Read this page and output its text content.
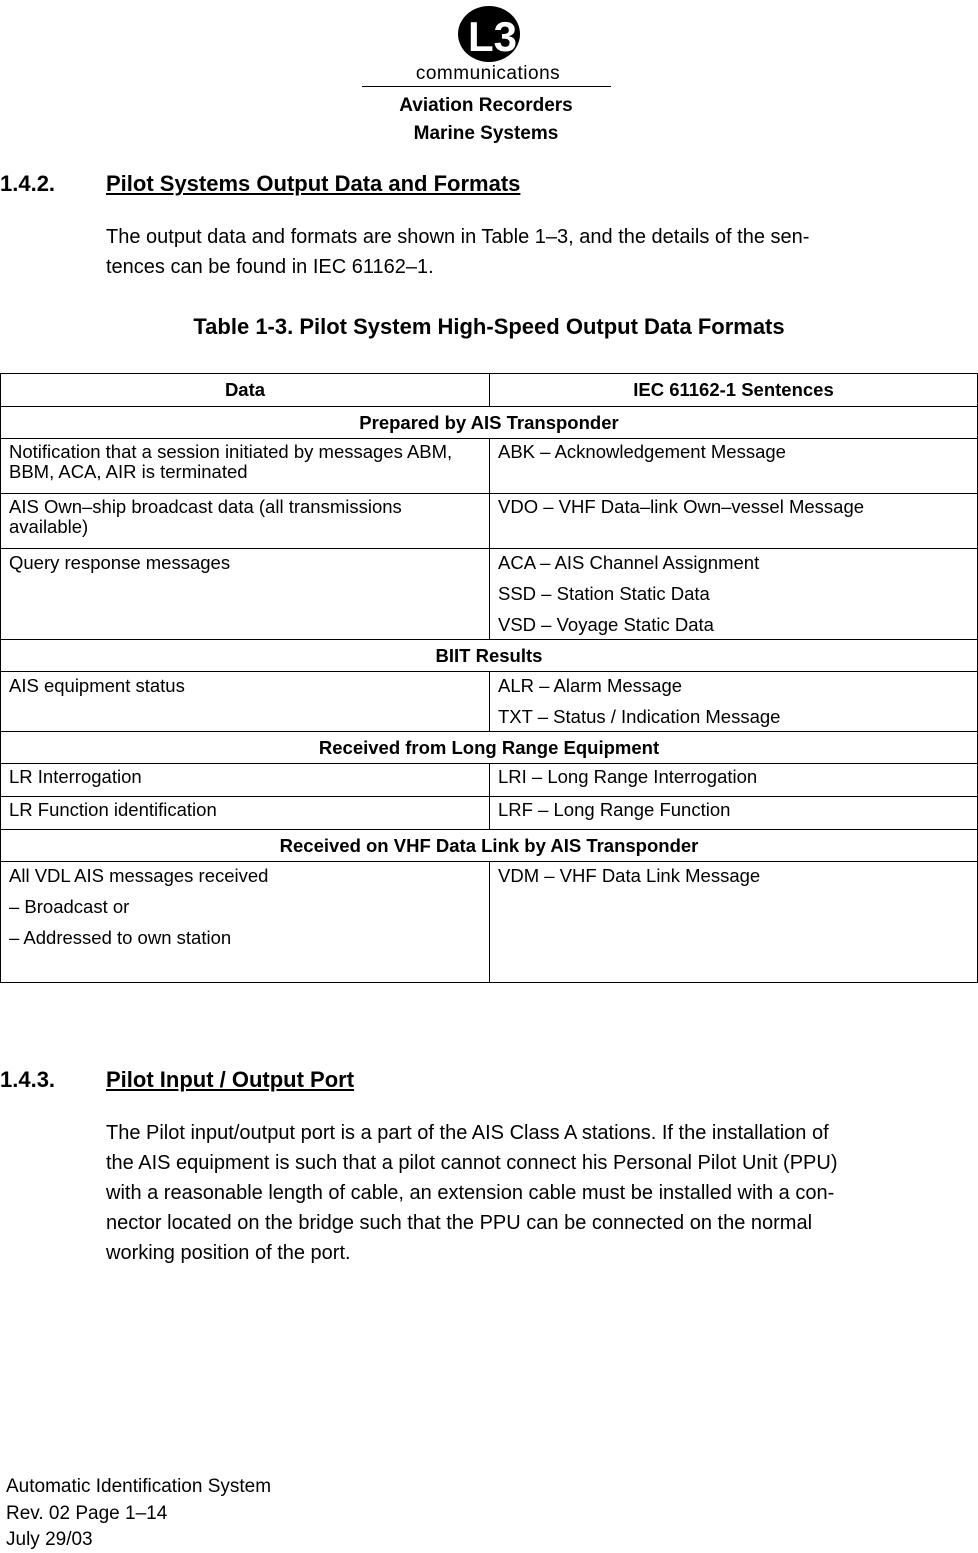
L3
communications
Aviation Recorders
Marine Systems
1.4.2. Pilot Systems Output Data and Formats
The output data and formats are shown in Table 1–3, and the details of the sen-
tences can be found in IEC 61162–1.
Table 1-3. Pilot System High-Speed Output Data Formats
Data	IEC 61162-1 Sentences
Prepared by AIS Transponder	
Notification that a session initiated by messages ABM, BBM, ACA, AIR is terminated	ABK – Acknowledgement Message
AIS Own–ship broadcast data (all transmissions available)	VDO – VHF Data–link Own–vessel Message

Query response messages	ACA – AIS Channel Assignment
SSD – Station Static Data
VSD – Voyage Static Data

BIIT Results	

AIS equipment status	ALR – Alarm Message
TXT – Status / Indication Message

Received from Long Range Equipment	
LR Interrogation	LRI – Long Range Interrogation
LR Function identification	LRF – Long Range Function
Received on VHF Data Link by AIS Transponder	

All VDL AIS messages received
– Broadcast or
– Addressed to own station	VDM – VHF Data Link Message
1.4.3. Pilot Input / Output Port
The Pilot input/output port is a part of the AIS Class A stations. If the installation of
the AIS equipment is such that a pilot cannot connect his Personal Pilot Unit (PPU)
with a reasonable length of cable, an extension cable must be installed with a con-
nector located on the bridge such that the PPU can be connected on the normal
working position of the port.
Automatic Identification System
Rev. 02 Page 1–14
July 29/03
